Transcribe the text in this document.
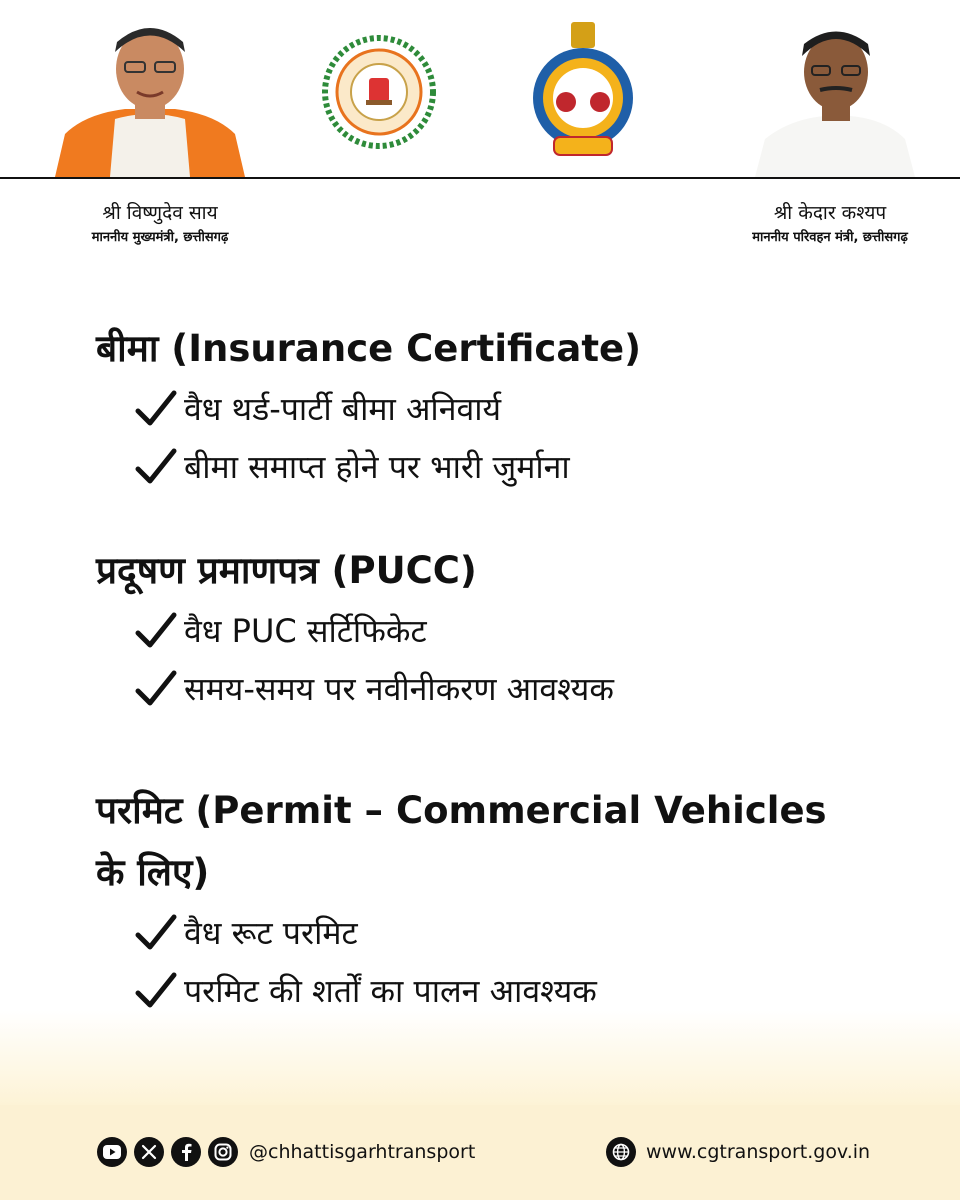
श्री विष्णुदेव साय
माननीय मुख्यमंत्री, छत्तीसगढ़
श्री केदार कश्यप
माननीय परिवहन मंत्री, छत्तीसगढ़
बीमा (Insurance Certificate)
वैध थर्ड-पार्टी बीमा अनिवार्य
बीमा समाप्त होने पर भारी जुर्माना
प्रदूषण प्रमाणपत्र (PUCC)
वैध PUC सर्टिफिकेट
समय-समय पर नवीनीकरण आवश्यक
परमिट (Permit – Commercial Vehicles
के लिए)
वैध रूट परमिट
परमिट की शर्तों का पालन आवश्यक
@chhattisgarhtransport	www.cgtransport.gov.in
